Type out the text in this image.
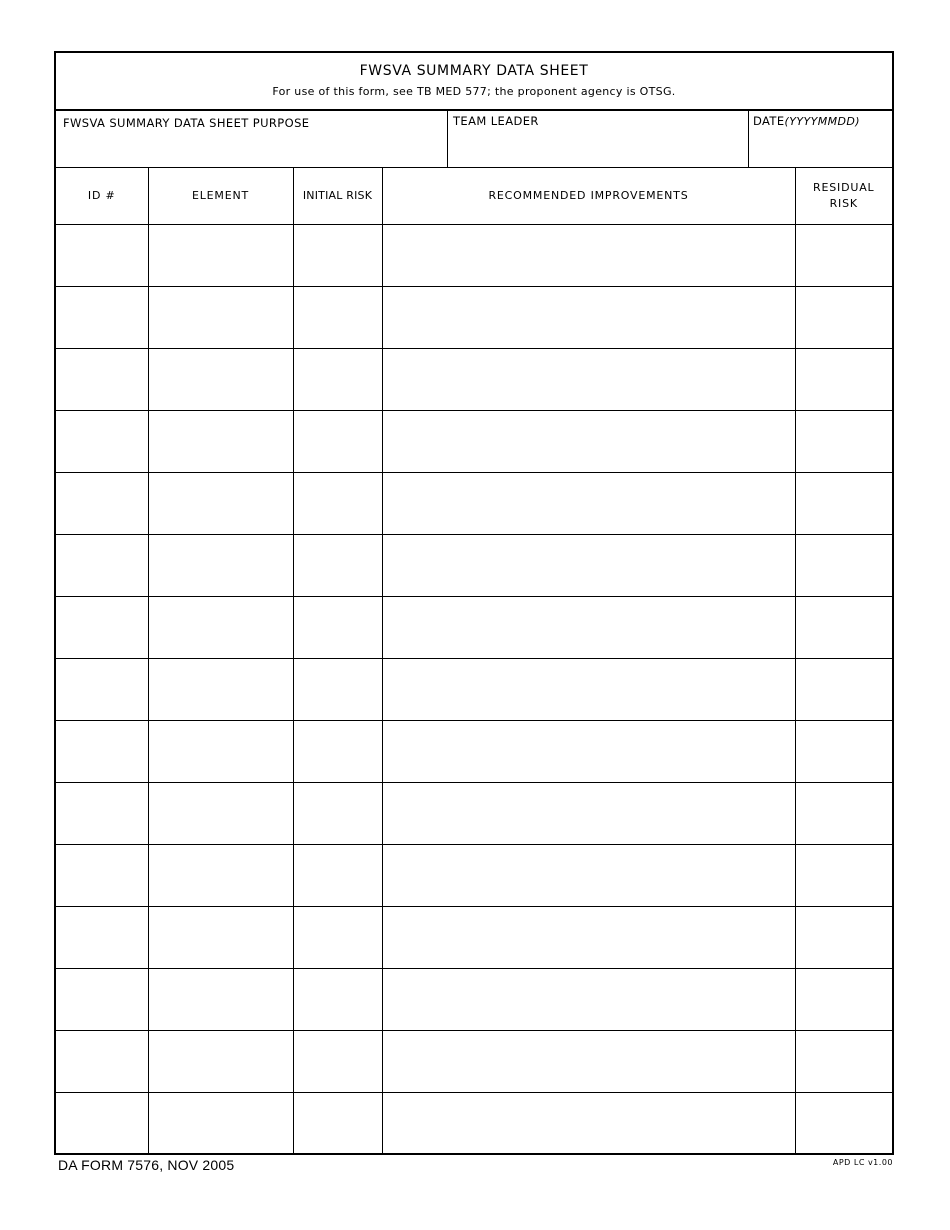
FWSVA SUMMARY DATA SHEET
For use of this form, see TB MED 577; the proponent agency is OTSG.
FWSVA SUMMARY DATA SHEET PURPOSE	TEAM LEADER	DATE(YYYYMMDD)
ID #	ELEMENT	INITIAL RISK	RECOMMENDED IMPROVEMENTS	RESIDUAL
RISK

DA FORM 7576, NOV 2005	APD LC v1.00
